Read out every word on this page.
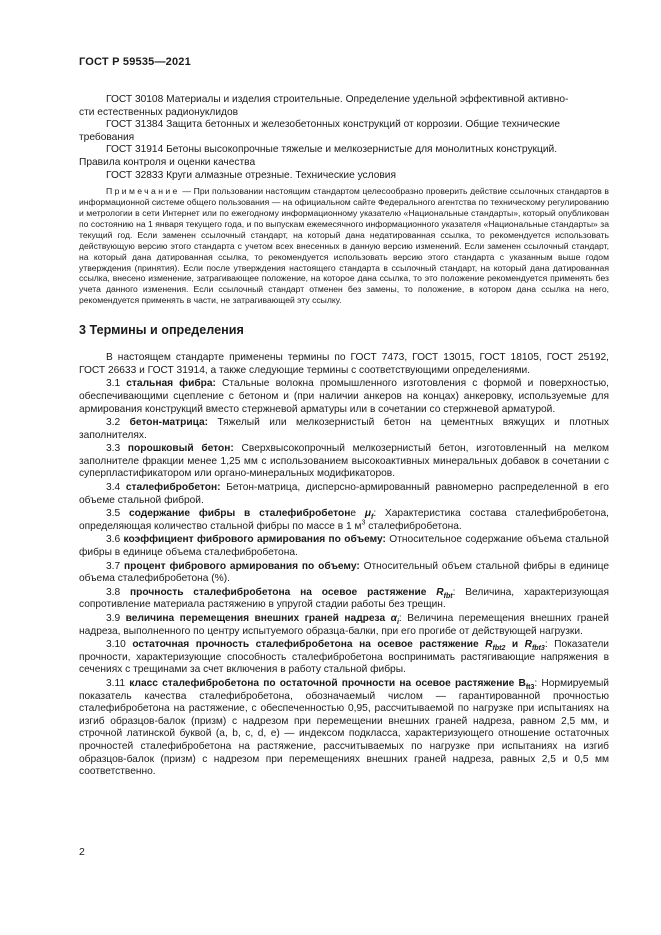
ГОСТ Р 59535—2021

ГОСТ 30108 Материалы и изделия строительные. Определение удельной эффективной активно-
сти естественных радионуклидов

ГОСТ 31384 Защита бетонных и железобетонных конструкций от коррозии. Общие технические
требования

ГОСТ 31914 Бетоны высокопрочные тяжелые и мелкозернистые для монолитных конструкций.
Правила контроля и оценки качества

ГОСТ 32833 Круги алмазные отрезные. Технические условия

Примечание — При пользовании настоящим стандартом целесообразно проверить действие ссылочных стандартов в информационной системе общего пользования — на официальном сайте Федерального агентства по техническому регулированию и метрологии в сети Интернет или по ежегодному информационному указателю «Национальные стандарты», который опубликован по состоянию на 1 января текущего года, и по выпускам ежемесячного информационного указателя «Национальные стандарты» за текущий год. Если заменен ссылочный стандарт, на который дана недатированная ссылка, то рекомендуется использовать действующую версию этого стандарта с учетом всех внесенных в данную версию изменений. Если заменен ссылочный стандарт, на который дана датированная ссылка, то рекомендуется использовать версию этого стандарта с указанным выше годом утверждения (принятия). Если после утверждения настоящего стандарта в ссылочный стандарт, на который дана датированная ссылка, внесено изменение, затрагивающее положение, на которое дана ссылка, то это положение рекомендуется применять без учета данного изменения. Если ссылочный стандарт отменен без замены, то положение, в котором дана ссылка на него, рекомендуется применять в части, не затрагивающей эту ссылку.

3 Термины и определения

В настоящем стандарте применены термины по ГОСТ 7473, ГОСТ 13015, ГОСТ 18105, ГОСТ 25192, ГОСТ 26633 и ГОСТ 31914, а также следующие термины с соответствующими определениями.

3.1 стальная фибра: Стальные волокна промышленного изготовления с формой и поверхностью, обеспечивающими сцепление с бетоном и (при наличии анкеров на концах) анкеровку, используемые для армирования конструкций вместо стержневой арматуры или в сочетании со стержневой арматурой.

3.2 бетон-матрица: Тяжелый или мелкозернистый бетон на цементных вяжущих и плотных заполнителях.

3.3 порошковый бетон: Сверхвысокопрочный мелкозернистый бетон, изготовленный на мелком заполнителе фракции менее 1,25 мм с использованием высокоактивных минеральных добавок в сочетании с суперпластификатором или органо-минеральных модификаторов.

3.4 сталефибробетон: Бетон-матрица, дисперсно-армированный равномерно распределенной в его объеме стальной фиброй.

3.5 содержание фибры в сталефибробетоне $\mu_f$: Характеристика состава сталефибробетона, определяющая количество стальной фибры по массе в 1 $м^3$ сталефибробетона.

3.6 коэффициент фибрового армирования по объему: Относительное содержание объема стальной фибры в единице объема сталефибробетона.

3.7 процент фибрового армирования по объему: Относительный объем стальной фибры в единице объема сталефибробетона (%).

3.8 прочность сталефибробетона на осевое растяжение $R_{fbt}$: Величина, характеризующая сопротивление материала растяжению в упругой стадии работы без трещин.

3.9 величина перемещения внешних граней надреза $\alpha_i$: Величина перемещения внешних граней надреза, выполненного по центру испытуемого образца-балки, при его прогибе от действующей нагрузки.

3.10 остаточная прочность сталефибробетона на осевое растяжение $R_{fbt2}$ и $R_{fbt3}$: Показатели прочности, характеризующие способность сталефибробетона воспринимать растягивающие напряжения в сечениях с трещинами за счет включения в работу стальной фибры.

3.11 класс сталефибробетона по остаточной прочности на осевое растяжение $B_{ft3}$: Нормируемый показатель качества сталефибробетона, обозначаемый числом — гарантированной прочностью сталефибробетона на растяжение, с обеспеченностью 0,95, рассчитываемой по нагрузке при испытаниях на изгиб образцов-балок (призм) с надрезом при перемещении внешних граней надреза, равном 2,5 мм, и строчной латинской буквой (a, b, c, d, e) — индексом подкласса, характеризующего отношение остаточных прочностей сталефибробетона на растяжение, рассчитываемых по нагрузке при испытаниях на изгиб образцов-балок (призм) с надрезом при перемещениях внешних граней надреза, равных 2,5 и 0,5 мм соответственно.

2
